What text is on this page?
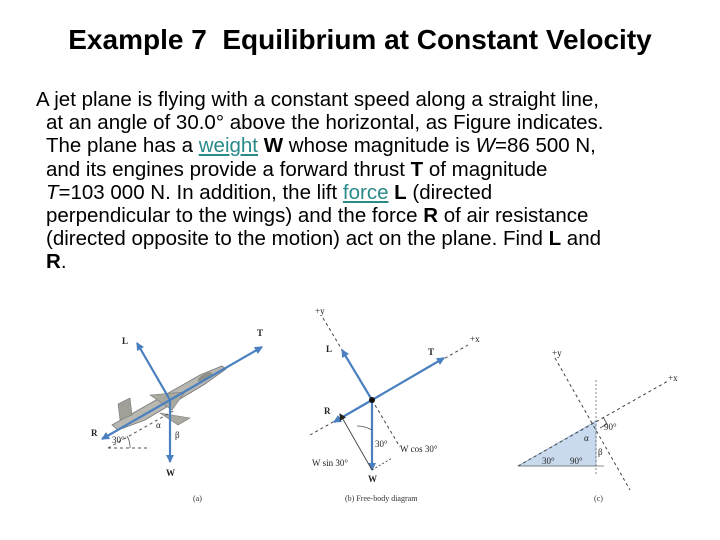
Example 7  Equilibrium at Constant Velocity
A jet plane is flying with a constant speed along a straight line,
at an angle of 30.0° above the horizontal, as Figure indicates.
The plane has a weight W whose magnitude is W=86 500 N,
and its engines provide a forward thrust T of magnitude
T=103 000 N. In addition, the lift force L (directed
perpendicular to the wings) and the force R of air resistance
(directed opposite to the motion) act on the plane. Find L and
R.
L
T
R
W
30°
α
β
(a)
+y
+x
L	T
R
W
30° W cos 30°
W sin 30°
(b) Free-body diagram
+y
+x
α
β
90°
30° 90°
(c)
